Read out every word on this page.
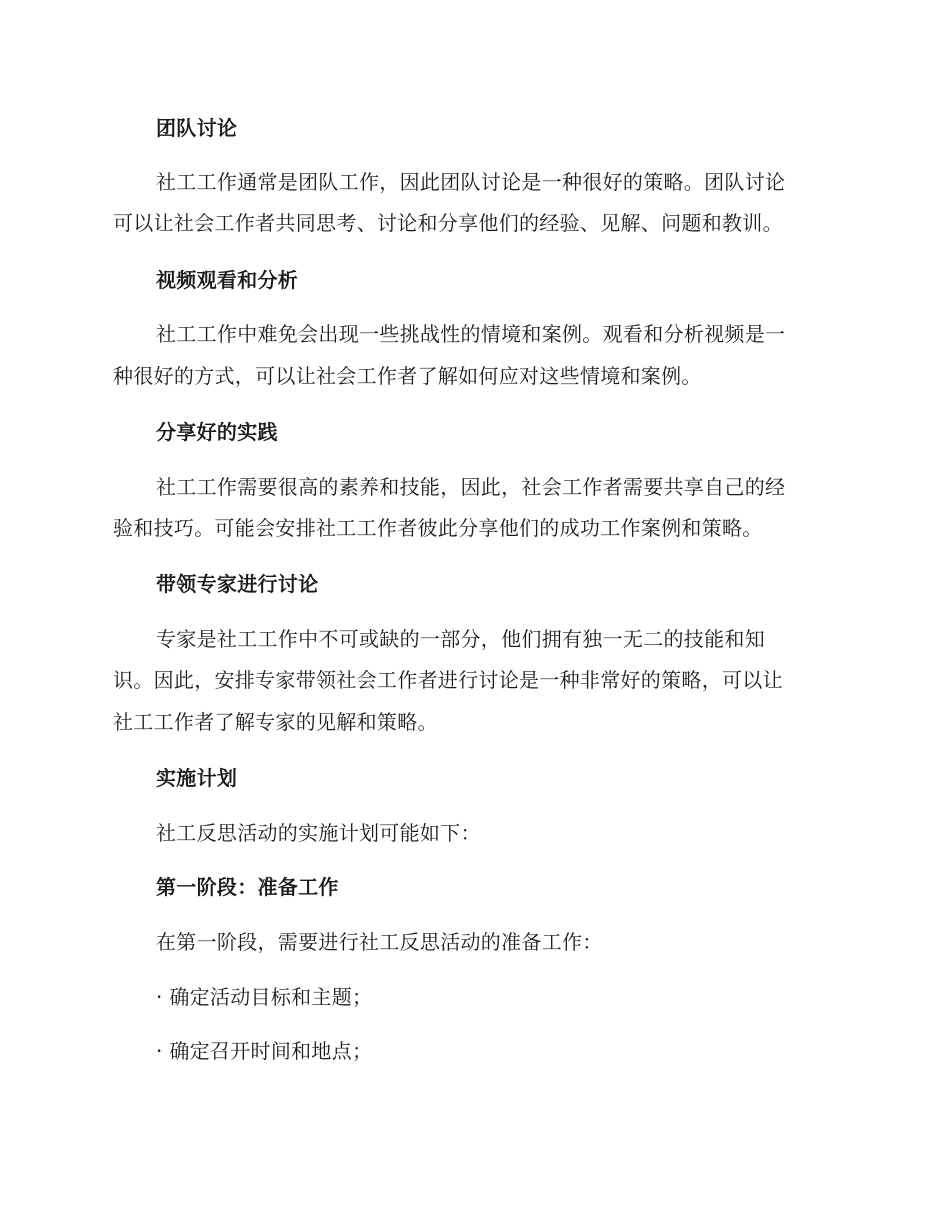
团队讨论
社工工作通常是团队工作，因此团队讨论是一种很好的策略。团队讨论
可以让社会工作者共同思考、讨论和分享他们的经验、见解、问题和教训。
视频观看和分析
社工工作中难免会出现一些挑战性的情境和案例。观看和分析视频是一
种很好的方式，可以让社会工作者了解如何应对这些情境和案例。
分享好的实践
社工工作需要很高的素养和技能，因此，社会工作者需要共享自己的经
验和技巧。可能会安排社工工作者彼此分享他们的成功工作案例和策略。
带领专家进行讨论
专家是社工工作中不可或缺的一部分，他们拥有独一无二的技能和知
识。因此，安排专家带领社会工作者进行讨论是一种非常好的策略，可以让
社工工作者了解专家的见解和策略。
实施计划
社工反思活动的实施计划可能如下：
第一阶段：准备工作
在第一阶段，需要进行社工反思活动的准备工作：
· 确定活动目标和主题；
· 确定召开时间和地点；
